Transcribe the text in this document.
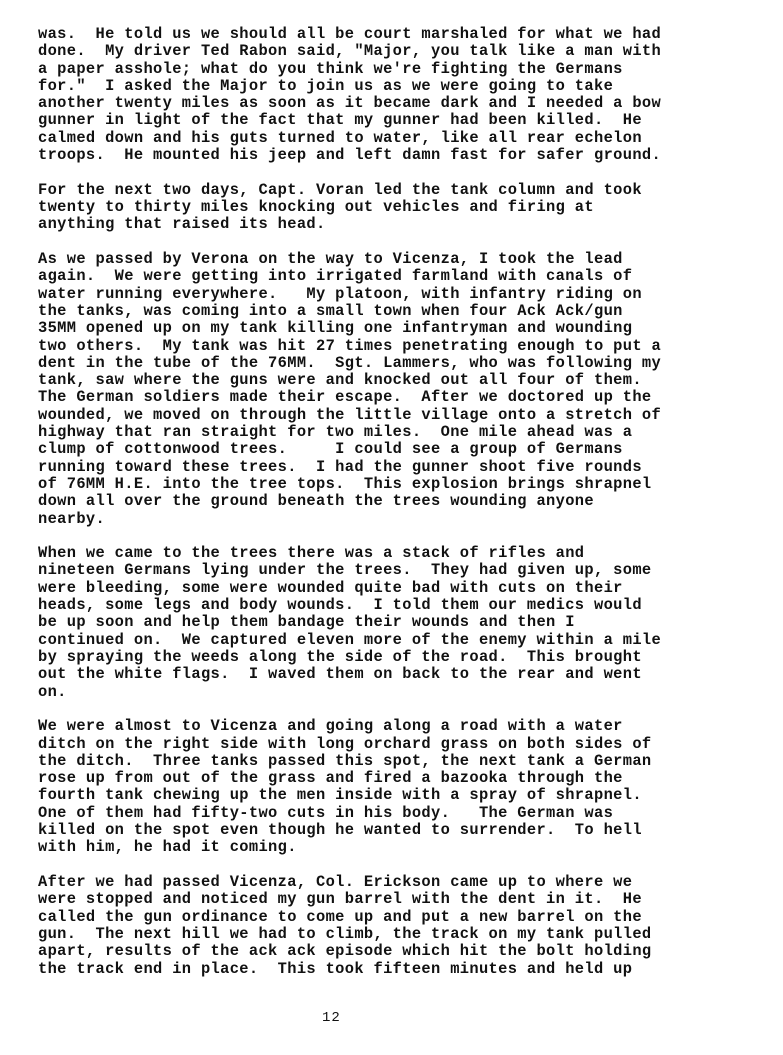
was.  He told us we should all be court marshaled for what we had
done.  My driver Ted Rabon said, "Major, you talk like a man with
a paper asshole; what do you think we're fighting the Germans
for."  I asked the Major to join us as we were going to take
another twenty miles as soon as it became dark and I needed a bow
gunner in light of the fact that my gunner had been killed.  He
calmed down and his guts turned to water, like all rear echelon
troops.  He mounted his jeep and left damn fast for safer ground.
For the next two days, Capt. Voran led the tank column and took
twenty to thirty miles knocking out vehicles and firing at
anything that raised its head.
As we passed by Verona on the way to Vicenza, I took the lead
again.  We were getting into irrigated farmland with canals of
water running everywhere.   My platoon, with infantry riding on
the tanks, was coming into a small town when four Ack Ack/gun
35MM opened up on my tank killing one infantryman and wounding
two others.  My tank was hit 27 times penetrating enough to put a
dent in the tube of the 76MM.  Sgt. Lammers, who was following my
tank, saw where the guns were and knocked out all four of them.
The German soldiers made their escape.  After we doctored up the
wounded, we moved on through the little village onto a stretch of
highway that ran straight for two miles.  One mile ahead was a
clump of cottonwood trees.     I could see a group of Germans
running toward these trees.  I had the gunner shoot five rounds
of 76MM H.E. into the tree tops.  This explosion brings shrapnel
down all over the ground beneath the trees wounding anyone
nearby.
When we came to the trees there was a stack of rifles and
nineteen Germans lying under the trees.  They had given up, some
were bleeding, some were wounded quite bad with cuts on their
heads, some legs and body wounds.  I told them our medics would
be up soon and help them bandage their wounds and then I
continued on.  We captured eleven more of the enemy within a mile
by spraying the weeds along the side of the road.  This brought
out the white flags.  I waved them on back to the rear and went
on.
We were almost to Vicenza and going along a road with a water
ditch on the right side with long orchard grass on both sides of
the ditch.  Three tanks passed this spot, the next tank a German
rose up from out of the grass and fired a bazooka through the
fourth tank chewing up the men inside with a spray of shrapnel.
One of them had fifty-two cuts in his body.   The German was
killed on the spot even though he wanted to surrender.  To hell
with him, he had it coming.
After we had passed Vicenza, Col. Erickson came up to where we
were stopped and noticed my gun barrel with the dent in it.  He
called the gun ordinance to come up and put a new barrel on the
gun.  The next hill we had to climb, the track on my tank pulled
apart, results of the ack ack episode which hit the bolt holding
the track end in place.  This took fifteen minutes and held up
12
